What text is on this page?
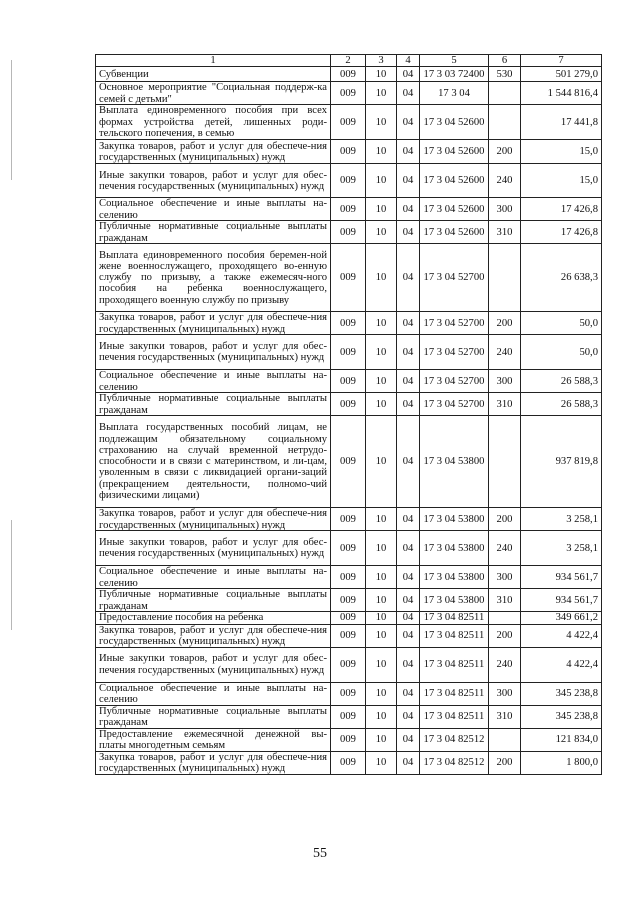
1	2	3	4	5	6	7

Субвенции	009	10	04	17 3 03 72400	530	501 279,0

Основное мероприятие "Социальная поддерж-ка семей с детьми"	009	10	04	17 3 04		1 544 816,4

Выплата единовременного пособия при всех формах устройства детей, лишенных роди-тельского попечения, в семью	009	10	04	17 3 04 52600		17 441,8

Закупка товаров, работ и услуг для обеспече-ния государственных (муниципальных) нужд	009	10	04	17 3 04 52600	200	15,0

Иные закупки товаров, работ и услуг для обес-печения государственных (муниципальных) нужд	009	10	04	17 3 04 52600	240	15,0

Социальное обеспечение и иные выплаты на-селению	009	10	04	17 3 04 52600	300	17 426,8

Публичные нормативные социальные выплаты гражданам	009	10	04	17 3 04 52600	310	17 426,8

Выплата единовременного пособия беремен-ной жене военнослужащего, проходящего во-енную службу по призыву, а также ежемесяч-ного пособия на ребенка военнослужащего, проходящего военную службу по призыву	009	10	04	17 3 04 52700		26 638,3

Закупка товаров, работ и услуг для обеспече-ния государственных (муниципальных) нужд	009	10	04	17 3 04 52700	200	50,0

Иные закупки товаров, работ и услуг для обес-печения государственных (муниципальных) нужд	009	10	04	17 3 04 52700	240	50,0

Социальное обеспечение и иные выплаты на-селению	009	10	04	17 3 04 52700	300	26 588,3

Публичные нормативные социальные выплаты гражданам	009	10	04	17 3 04 52700	310	26 588,3

Выплата государственных пособий лицам, не подлежащим обязательному социальному страхованию на случай временной нетрудо-способности и в связи с материнством, и ли-цам, уволенным в связи с ликвидацией органи-заций (прекращением деятельности, полномо-чий физическими лицами)	009	10	04	17 3 04 53800		937 819,8

Закупка товаров, работ и услуг для обеспече-ния государственных (муниципальных) нужд	009	10	04	17 3 04 53800	200	3 258,1

Иные закупки товаров, работ и услуг для обес-печения государственных (муниципальных) нужд	009	10	04	17 3 04 53800	240	3 258,1

Социальное обеспечение и иные выплаты на-селению	009	10	04	17 3 04 53800	300	934 561,7

Публичные нормативные социальные выплаты гражданам	009	10	04	17 3 04 53800	310	934 561,7

Предоставление пособия на ребенка	009	10	04	17 3 04 82511		349 661,2

Закупка товаров, работ и услуг для обеспече-ния государственных (муниципальных) нужд	009	10	04	17 3 04 82511	200	4 422,4

Иные закупки товаров, работ и услуг для обес-печения государственных (муниципальных) нужд	009	10	04	17 3 04 82511	240	4 422,4

Социальное обеспечение и иные выплаты на-селению	009	10	04	17 3 04 82511	300	345 238,8

Публичные нормативные социальные выплаты гражданам	009	10	04	17 3 04 82511	310	345 238,8

Предоставление ежемесячной денежной вы-платы многодетным семьям	009	10	04	17 3 04 82512		121 834,0

Закупка товаров, работ и услуг для обеспече-ния государственных (муниципальных) нужд	009	10	04	17 3 04 82512	200	1 800,0
55
